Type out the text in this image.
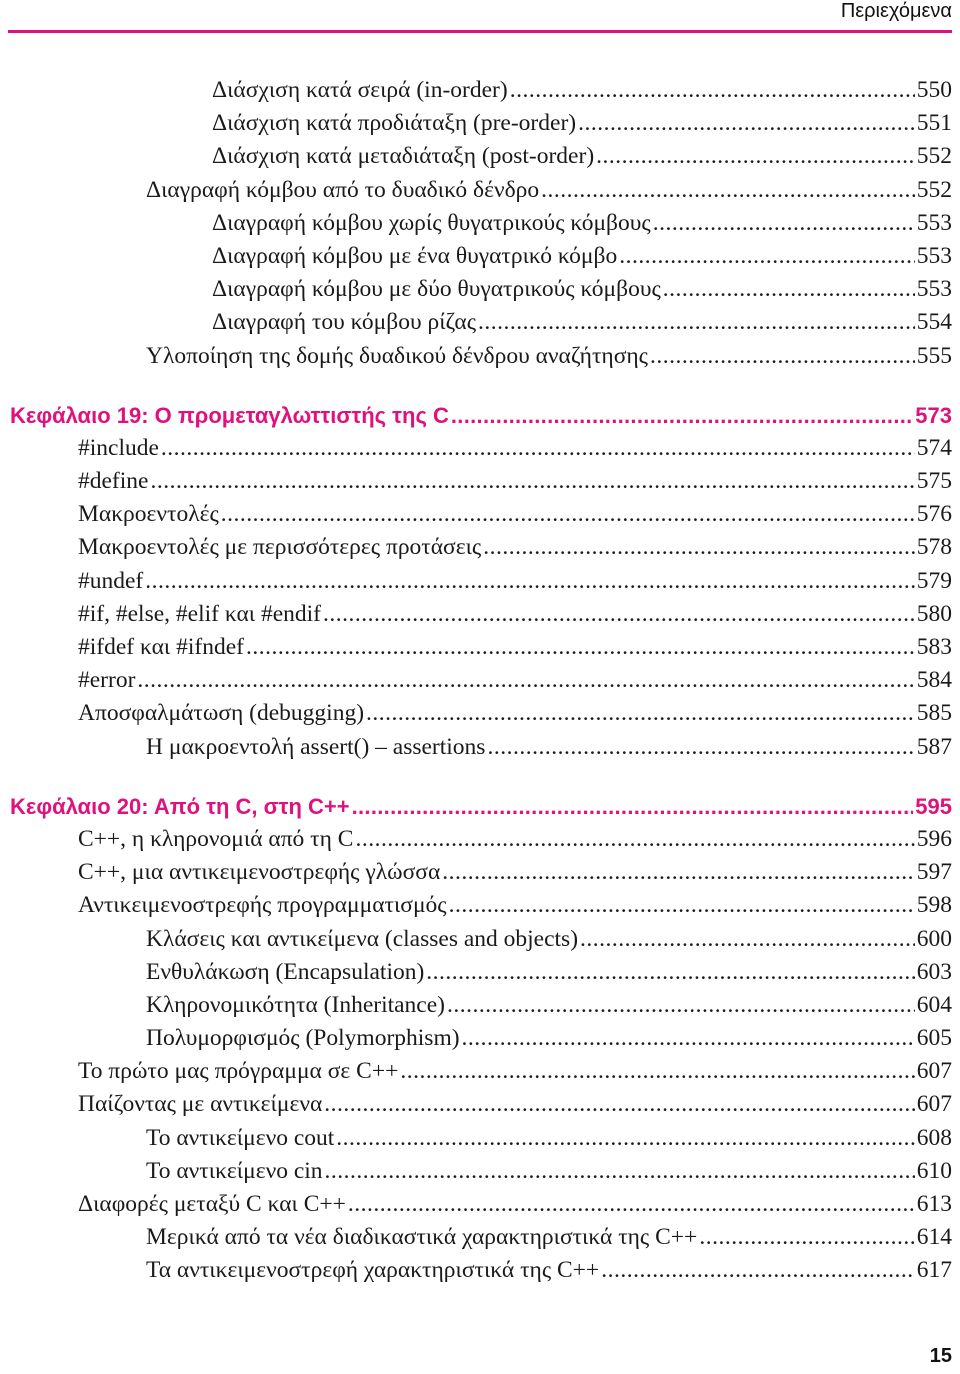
Περιεχόμενα
Διάσχιση κατά σειρά (in-order) .....	550
Διάσχιση κατά προδιάταξη (pre-order) .....	551
Διάσχιση κατά μεταδιάταξη (post-order) .....	552
Διαγραφή κόμβου από το δυαδικό δένδρο .....	552
Διαγραφή κόμβου χωρίς θυγατρικούς κόμβους .....	553
Διαγραφή κόμβου με ένα θυγατρικό κόμβο .....	553
Διαγραφή κόμβου με δύο θυγατρικούς κόμβους .....	553
Διαγραφή του κόμβου ρίζας .....	554
Υλοποίηση της δομής δυαδικού δένδρου αναζήτησης .....	555
Κεφάλαιο 19: Ο προμεταγλωττιστής της C .....	573
#include .....	574
#define .....	575
Μακροεντολές .....	576
Μακροεντολές με περισσότερες προτάσεις .....	578
#undef .....	579
#if, #else, #elif και #endif .....	580
#ifdef και #ifndef .....	583
#error .....	584
Αποσφαλμάτωση (debugging) .....	585
Η μακροεντολή assert() – assertions .....	587
Κεφάλαιο 20: Από τη C, στη C++ .....	595
C++, η κληρονομιά από τη C .....	596
C++, μια αντικειμενοστρεφής γλώσσα .....	597
Αντικειμενοστρεφής προγραμματισμός .....	598
Κλάσεις και αντικείμενα (classes and objects) .....	600
Ενθυλάκωση (Encapsulation) .....	603
Κληρονομικότητα (Inheritance) .....	604
Πολυμορφισμός (Polymorphism) .....	605
Το πρώτο μας πρόγραμμα σε C++ .....	607
Παίζοντας με αντικείμενα .....	607
Το αντικείμενο cout .....	608
Το αντικείμενο cin .....	610
Διαφορές μεταξύ C και C++ .....	613
Μερικά από τα νέα διαδικαστικά χαρακτηριστικά της C++ .....	614
Τα αντικειμενοστρεφή χαρακτηριστικά της C++ .....	617
15
